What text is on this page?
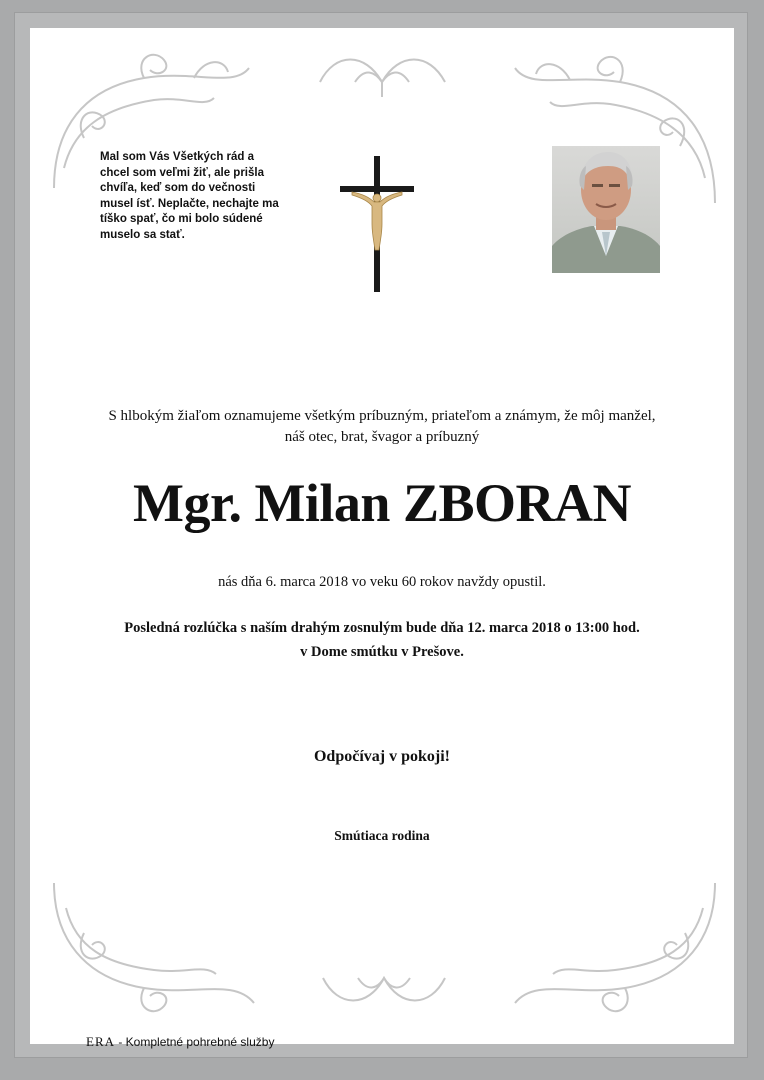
Mal som Vás Všetkých rád a
chcel som veľmi žiť, ale prišla
chvíľa, keď som do večnosti
musel ísť. Neplačte, nechajte ma
tíško spať, čo mi bolo súdené
muselo sa stať.
S hlbokým žiaľom oznamujeme všetkým príbuzným, priateľom a známym, že môj manžel,
náš otec, brat, švagor a príbuzný
Mgr. Milan ZBORAN
nás dňa 6. marca 2018 vo veku 60 rokov navždy opustil.
Posledná rozlúčka s naším drahým zosnulým bude dňa 12. marca 2018 o 13:00 hod.
v Dome smútku v Prešove.
Odpočívaj v pokoji!
Smútiaca rodina
ERA - Kompletné pohrebné služby
